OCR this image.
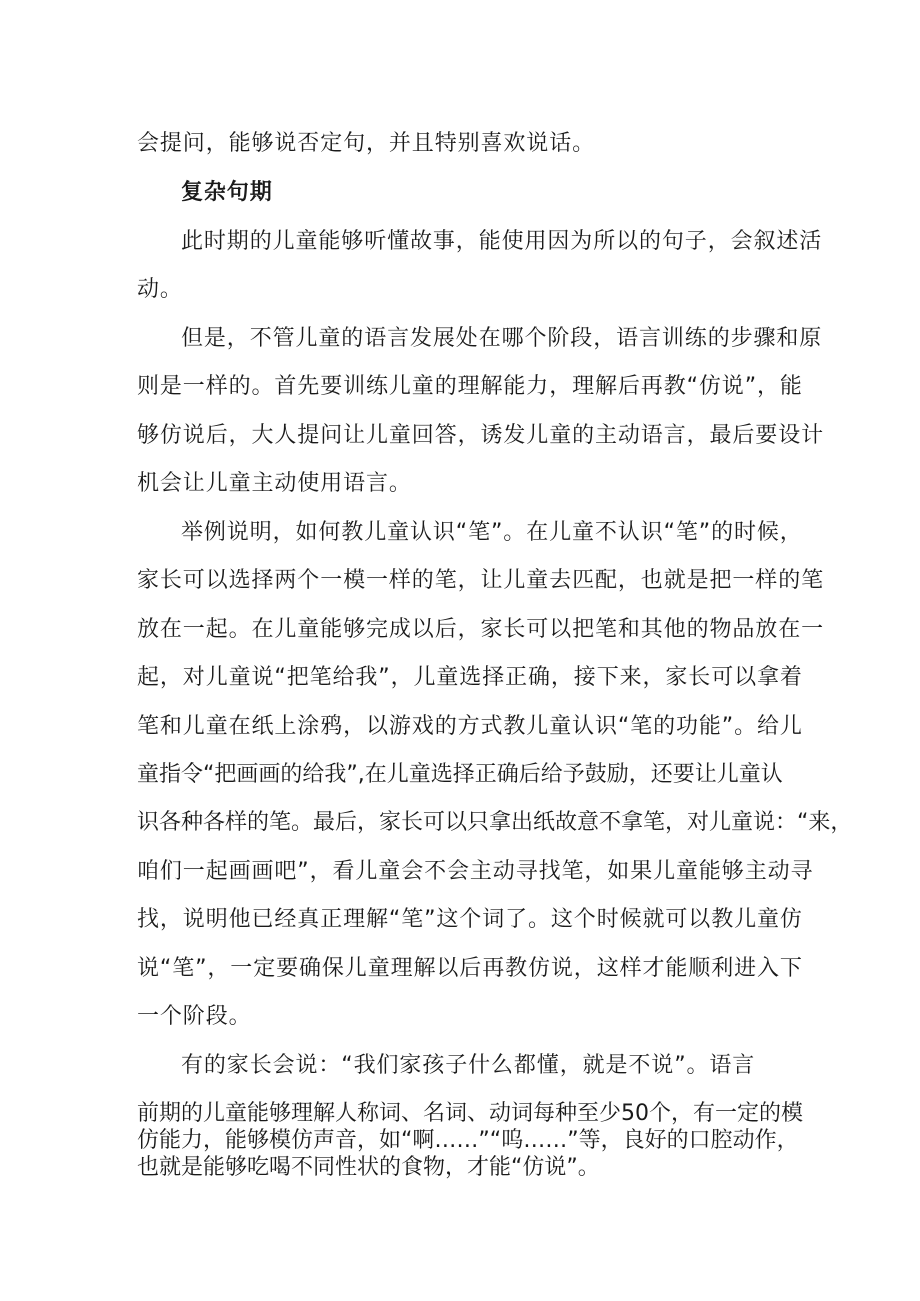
会提问，能够说否定句，并且特别喜欢说话。
复杂句期
此时期的儿童能够听懂故事，能使用因为所以的句子，会叙述活
动。
但是，不管儿童的语言发展处在哪个阶段，语言训练的步骤和原
则是一样的。首先要训练儿童的理解能力，理解后再教“仿说”，能
够仿说后，大人提问让儿童回答，诱发儿童的主动语言，最后要设计
机会让儿童主动使用语言。
举例说明，如何教儿童认识“笔”。在儿童不认识“笔”的时候，
家长可以选择两个一模一样的笔，让儿童去匹配，也就是把一样的笔
放在一起。在儿童能够完成以后，家长可以把笔和其他的物品放在一
起，对儿童说“把笔给我”，儿童选择正确，接下来，家长可以拿着
笔和儿童在纸上涂鸦，以游戏的方式教儿童认识“笔的功能”。给儿
童指令“把画画的给我”,在儿童选择正确后给予鼓励，还要让儿童认
识各种各样的笔。最后，家长可以只拿出纸故意不拿笔，对儿童说：“来，
咱们一起画画吧”，看儿童会不会主动寻找笔，如果儿童能够主动寻
找，说明他已经真正理解“笔”这个词了。这个时候就可以教儿童仿
说“笔”，一定要确保儿童理解以后再教仿说，这样才能顺利进入下
一个阶段。
有的家长会说：“我们家孩子什么都懂，就是不说”。语言
前期的儿童能够理解人称词、名词、动词每种至少50个，有一定的模
仿能力，能够模仿声音，如“啊……”“呜……”等，良好的口腔动作，
也就是能够吃喝不同性状的食物，才能“仿说”。
